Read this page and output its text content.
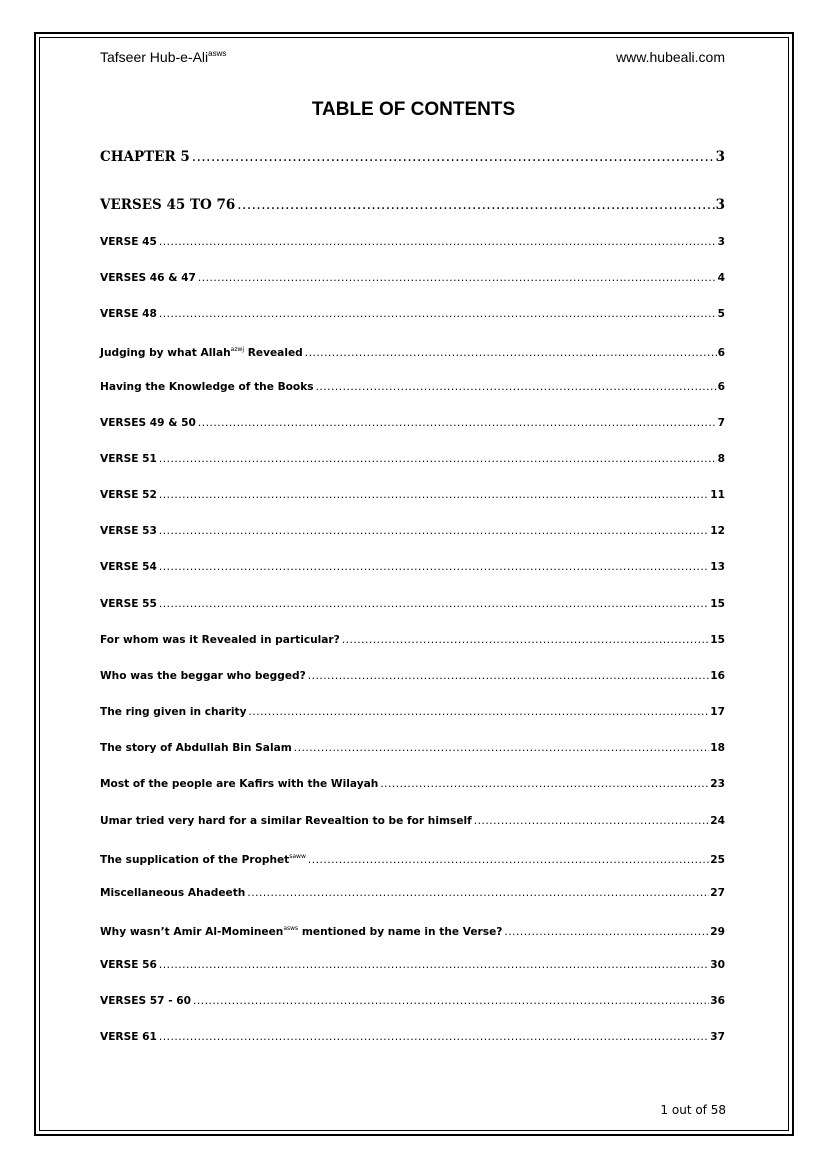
Tafseer Hub-e-Ali$^{asws}$	www.hubeali.com
TABLE OF CONTENTS
CHAPTER 5 .....	3
VERSES 45 TO 76 .....	3
VERSE 45 .....	3
VERSES 46 & 47 .....	4
VERSE 48 .....	5
Judging by what Allah$^{azwj}$ Revealed .....	6
Having the Knowledge of the Books .....	6
VERSES 49 & 50 .....	7
VERSE 51 .....	8
VERSE 52 .....	11
VERSE 53 .....	12
VERSE 54 .....	13
VERSE 55 .....	15
For whom was it Revealed in particular? .....	15
Who was the beggar who begged? .....	16
The ring given in charity .....	17
The story of Abdullah Bin Salam .....	18
Most of the people are Kafirs with the Wilayah .....	23
Umar tried very hard for a similar Revealtion to be for himself .....	24
The supplication of the Prophet$^{saww}$ .....	25
Miscellaneous Ahadeeth .....	27
Why wasn’t Amir Al-Momineen$^{asws}$ mentioned by name in the Verse? .....	29
VERSE 56 .....	30
VERSES 57 - 60 .....	36
VERSE 61 .....	37
1 out of 58
